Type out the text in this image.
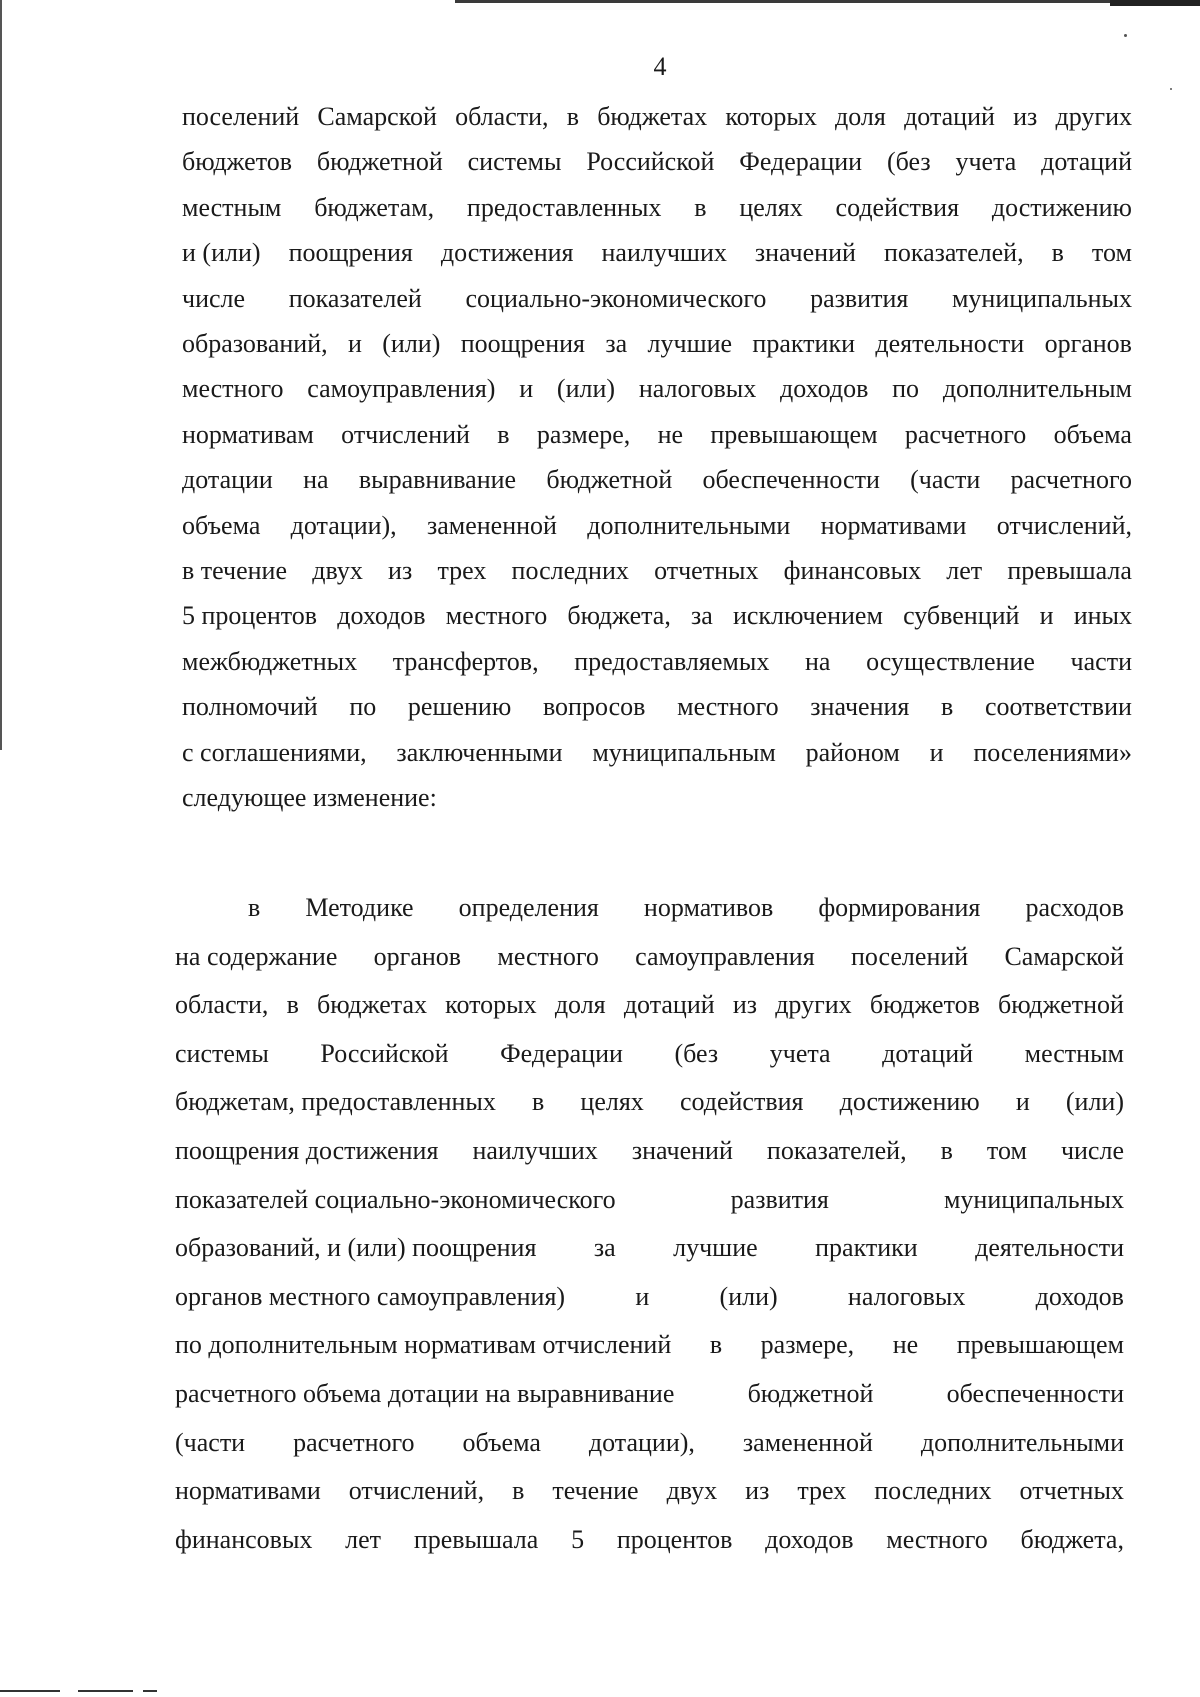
4
поселений Самарской области, в бюджетах которых доля дотаций из других
бюджетов бюджетной системы Российской Федерации (без учета дотаций
местным бюджетам, предоставленных в целях содействия достижению
и (или) поощрения достижения наилучших значений показателей, в том
числе показателей социально-экономического развития муниципальных
образований, и (или) поощрения за лучшие практики деятельности органов
местного самоуправления) и (или) налоговых доходов по дополнительным
нормативам отчислений в размере, не превышающем расчетного объема
дотации на выравнивание бюджетной обеспеченности (части расчетного
объема дотации), замененной дополнительными нормативами отчислений,
в течение двух из трех последних отчетных финансовых лет превышала
5 процентов доходов местного бюджета, за исключением субвенций и иных
межбюджетных трансфертов, предоставляемых на осуществление части
полномочий по решению вопросов местного значения в соответствии
с соглашениями, заключенными муниципальным районом и поселениями»
следующее изменение:
в Методике определения нормативов формирования расходов
на содержание органов местного самоуправления поселений Самарской
области, в бюджетах которых доля дотаций из других бюджетов бюджетной
системы Российской Федерации (без учета дотаций местным
бюджетам, предоставленных в целях содействия достижению и (или)
поощрения достижения наилучших значений показателей, в том числе
показателей социально-экономического	развития	муниципальных
образований, и (или) поощрения за лучшие практики деятельности
органов местного самоуправления)	и	(или)	налоговых	доходов
по дополнительным нормативам отчислений в размере, не превышающем
расчетного объема дотации на выравнивание	бюджетной	обеспеченности
(части расчетного объема дотации), замененной дополнительными
нормативами отчислений, в течение двух из трех последних отчетных
финансовых лет превышала 5 процентов доходов местного бюджета,
